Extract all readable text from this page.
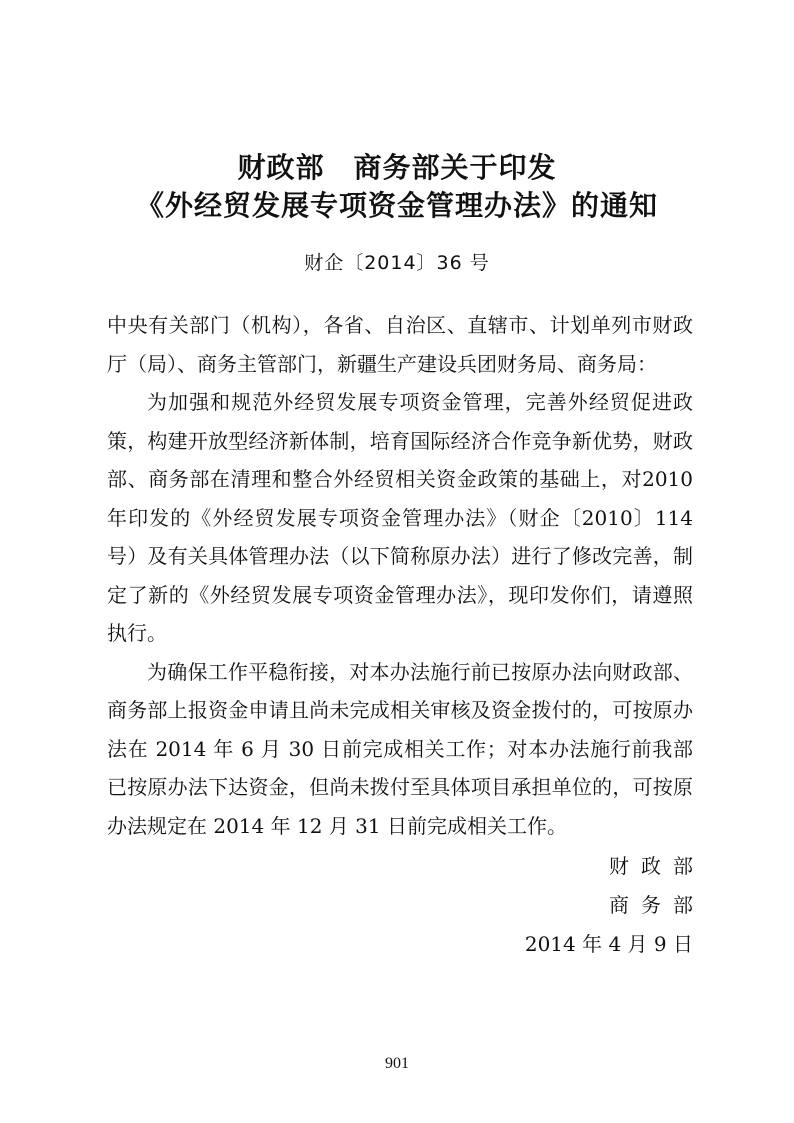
财政部　商务部关于印发
《外经贸发展专项资金管理办法》的通知
财企〔2014〕36 号

中央有关部门（机构），各省、自治区、直辖市、计划单列市财政厅（局）、商务主管部门，新疆生产建设兵团财务局、商务局：

为加强和规范外经贸发展专项资金管理，完善外经贸促进政策，构建开放型经济新体制，培育国际经济合作竞争新优势，财政部、商务部在清理和整合外经贸相关资金政策的基础上，对2010 年印发的《外经贸发展专项资金管理办法》（财企〔2010〕114 号）及有关具体管理办法（以下简称原办法）进行了修改完善，制定了新的《外经贸发展专项资金管理办法》，现印发你们，请遵照执行。

为确保工作平稳衔接，对本办法施行前已按原办法向财政部、商务部上报资金申请且尚未完成相关审核及资金拨付的，可按原办法在 2014 年 6 月 30 日前完成相关工作；对本办法施行前我部已按原办法下达资金，但尚未拨付至具体项目承担单位的，可按原办法规定在 2014 年 12 月 31 日前完成相关工作。

财政部
商务部
2014 年 4 月 9 日
901
